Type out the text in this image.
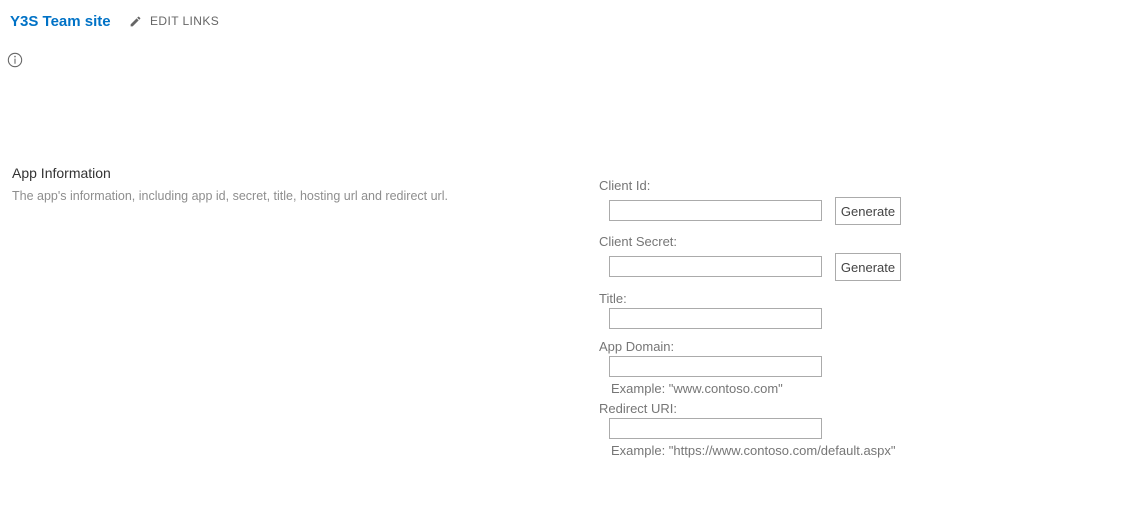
Y3S Team site	EDIT LINKS
App Information
The app's information, including app id, secret, title, hosting url and redirect url.
Client Id:
Generate
Client Secret:
Generate
Title:
App Domain:
Example: "www.contoso.com"
Redirect URI:
Example: "https://www.contoso.com/default.aspx"
